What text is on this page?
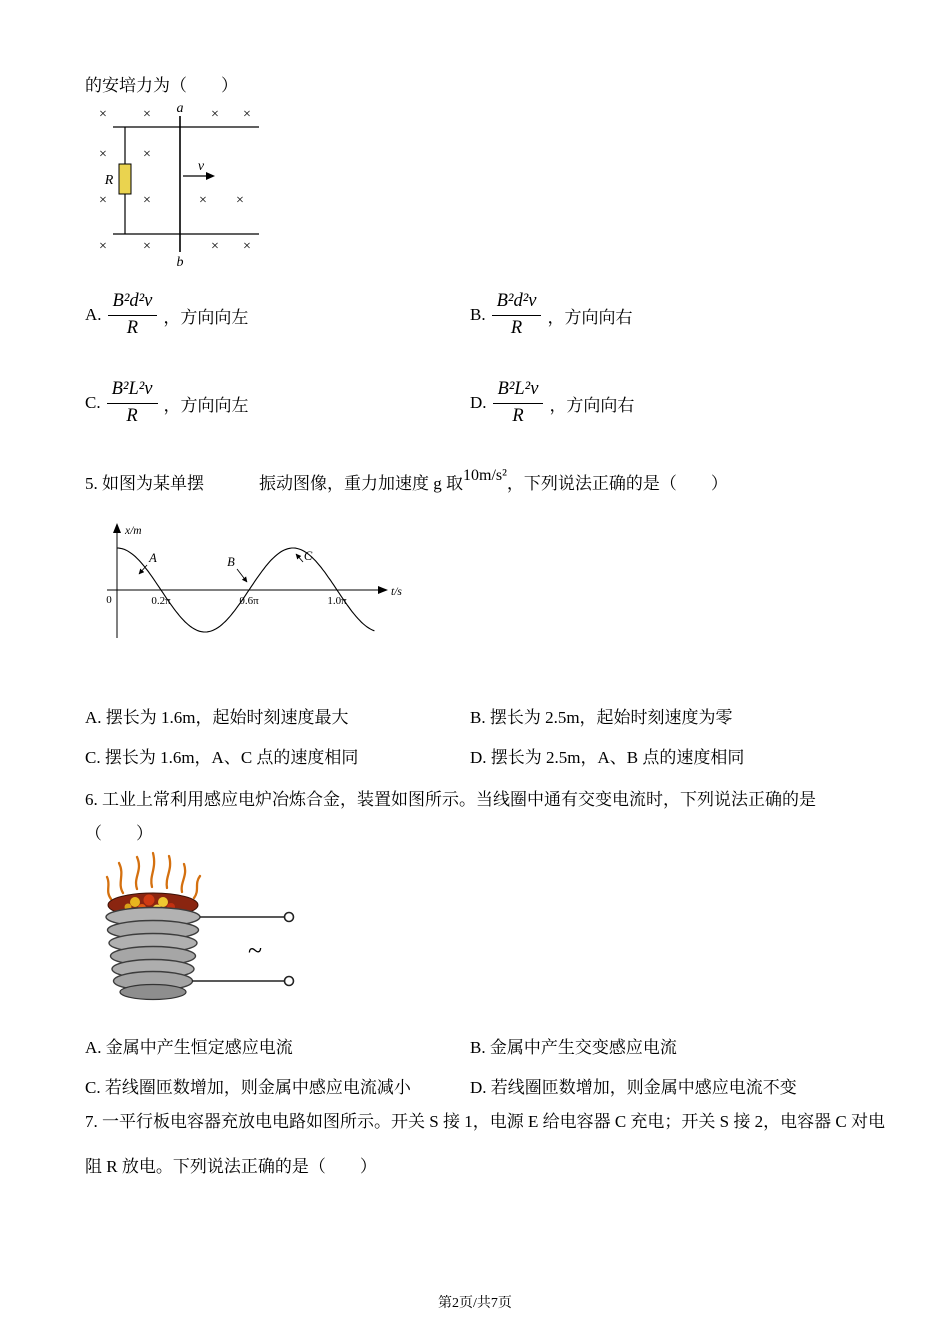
的安培力为（　　）
×	×	× ×
a
R
×	×
v
×	×	× ×
×	×	× ×
b
A. $\frac{\text{B²d²v}}{R}$ ，方向向左	B. $\frac{\text{B²d²v}}{R}$ ，方向向右
C. $\frac{\text{B²L²v}}{R}$ ，方向向左	D. $\frac{\text{B²L²v}}{R}$ ，方向向右
5. 如图为某单摆	振动图像，重力加速度 g 取10m/s²，下列说法正确的是（　　）
x/m
t/s
0	0.2π	0.6π	1.0π
A	B	C
A. 摆长为 1.6m，起始时刻速度最大	B. 摆长为 2.5m，起始时刻速度为零
C. 摆长为 1.6m，A、C 点的速度相同	D. 摆长为 2.5m，A、B 点的速度相同
6. 工业上常利用感应电炉冶炼合金，装置如图所示。当线圈中通有交变电流时，下列说法正确的是
（　　）
~
A. 金属中产生恒定感应电流	B. 金属中产生交变感应电流
C. 若线圈匝数增加，则金属中感应电流减小	D. 若线圈匝数增加，则金属中感应电流不变
7. 一平行板电容器充放电电路如图所示。开关 S 接 1，电源 E 给电容器 C 充电；开关 S 接 2，电容器 C 对电
阻 R 放电。下列说法正确的是（　　）
第2页/共7页
